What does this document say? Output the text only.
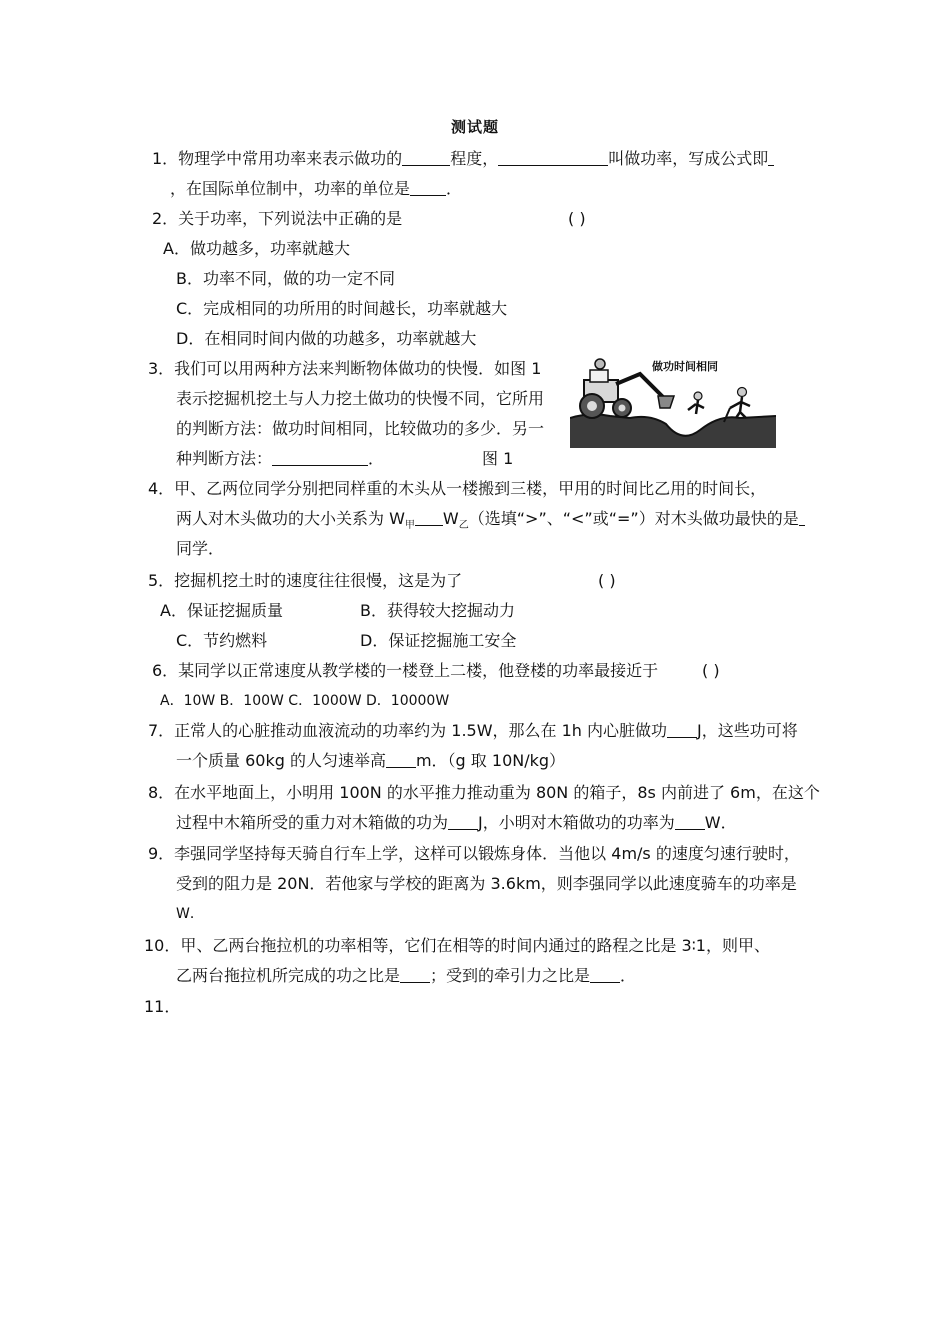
测试题
1．物理学中常用功率来表示做功的	程度，	叫做功率，写成公式即
，在国际单位制中，功率的单位是 ．
2．关于功率，下列说法中正确的是	( )
A．做功越多，功率就越大
B．功率不同，做的功一定不同
C．完成相同的功所用的时间越长，功率就越大
D．在相同时间内做的功越多，功率就越大
3．我们可以用两种方法来判断物体做功的快慢．如图 1
表示挖掘机挖土与人力挖土做功的快慢不同，它所用
的判断方法：做功时间相同，比较做功的多少．另一
种判断方法：	．	图 1
做功时间相同
4．甲、乙两位同学分别把同样重的木头从一楼搬到三楼，甲用的时间比乙用的时间长，
两人对木头做功的大小关系为 $W_甲$ $W_乙$（选填“>”、“<”或“=”）对木头做功最快的是
同学．
5．挖掘机挖土时的速度往往很慢，这是为了	( )
A．保证挖掘质量	B．获得较大挖掘动力
C．节约燃料	D．保证挖掘施工安全
6．某同学以正常速度从教学楼的一楼登上二楼，他登楼的功率最接近于	( )
A．10W B．100W C．1000W D．10000W
7．正常人的心脏推动血液流动的功率约为 1.5W，那么在 1h 内心脏做功 J，这些功可将
一个质量 60kg 的人匀速举高 m．（g 取 10N/kg）
8．在水平地面上，小明用 100N 的水平推力推动重为 80N 的箱子，8s 内前进了 6m，在这个
过程中木箱所受的重力对木箱做的功为 J，小明对木箱做功的功率为 W．
9．李强同学坚持每天骑自行车上学，这样可以锻炼身体．当他以 4m/s 的速度匀速行驶时，
受到的阻力是 20N．若他家与学校的距离为 3.6km，则李强同学以此速度骑车的功率是
W．
10．甲、乙两台拖拉机的功率相等，它们在相等的时间内通过的路程之比是 3∶1，则甲、
乙两台拖拉机所完成的功之比是 ；受到的牵引力之比是 ．
11．
